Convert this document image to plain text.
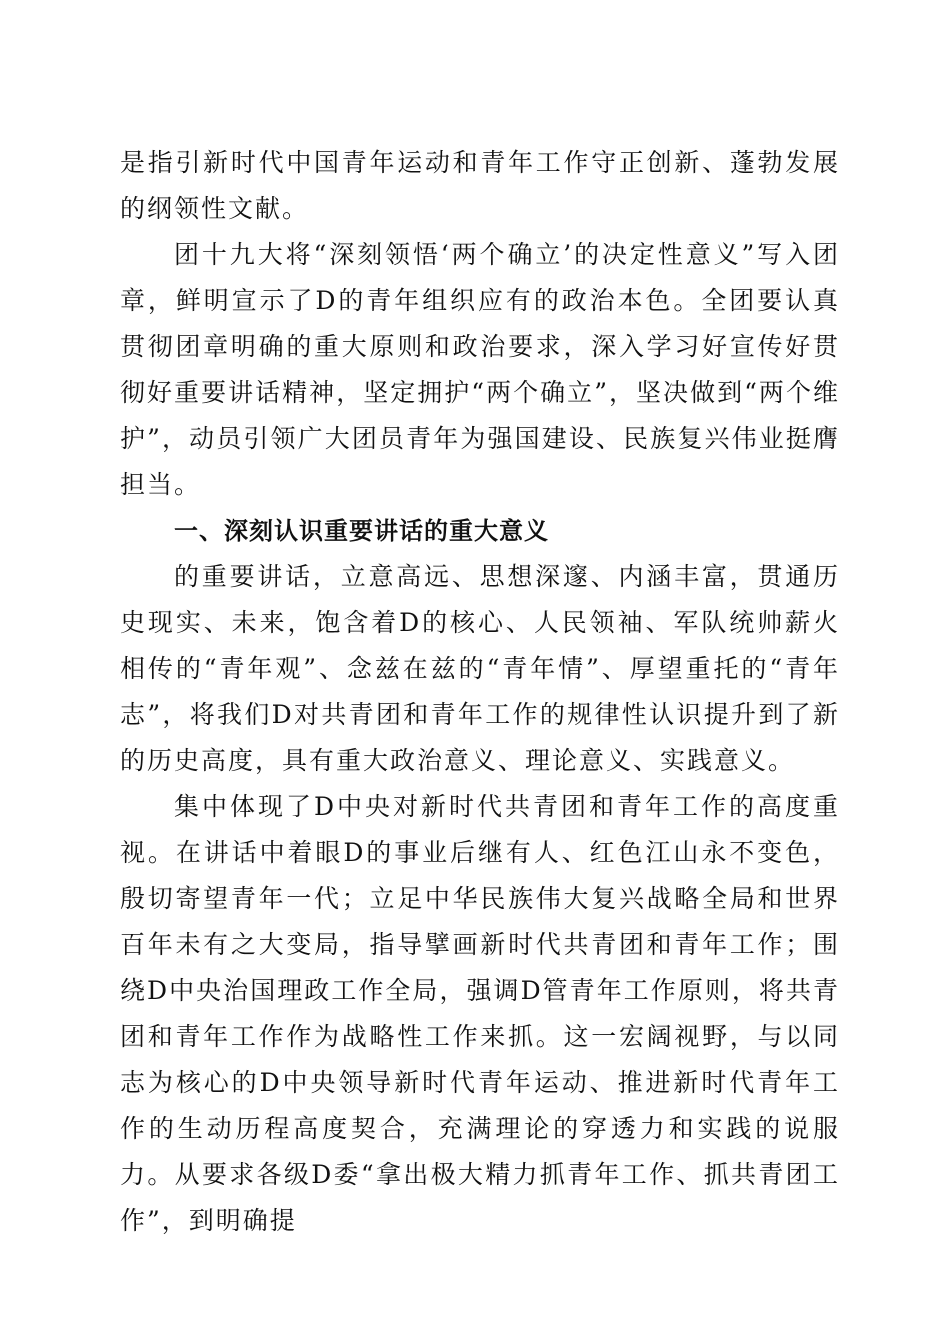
是指引新时代中国青年运动和青年工作守正创新、蓬勃发展的纲领性文献。

团十九大将“深刻领悟‘两个确立’的决定性意义”写入团章，鲜明宣示了D的青年组织应有的政治本色。全团要认真贯彻团章明确的重大原则和政治要求，深入学习好宣传好贯彻好重要讲话精神，坚定拥护“两个确立”，坚决做到“两个维护”，动员引领广大团员青年为强国建设、民族复兴伟业挺膺担当。

一、深刻认识重要讲话的重大意义

的重要讲话，立意高远、思想深邃、内涵丰富，贯通历史现实、未来，饱含着D的核心、人民领袖、军队统帅薪火相传的“青年观”、念兹在兹的“青年情”、厚望重托的“青年志”，将我们D对共青团和青年工作的规律性认识提升到了新的历史高度，具有重大政治意义、理论意义、实践意义。

集中体现了D中央对新时代共青团和青年工作的高度重视。在讲话中着眼D的事业后继有人、红色江山永不变色，殷切寄望青年一代；立足中华民族伟大复兴战略全局和世界百年未有之大变局，指导擘画新时代共青团和青年工作；围绕D中央治国理政工作全局，强调D管青年工作原则，将共青团和青年工作作为战略性工作来抓。这一宏阔视野，与以同志为核心的D中央领导新时代青年运动、推进新时代青年工作的生动历程高度契合，充满理论的穿透力和实践的说服力。从要求各级D委“拿出极大精力抓青年工作、抓共青团工作”，到明确提
